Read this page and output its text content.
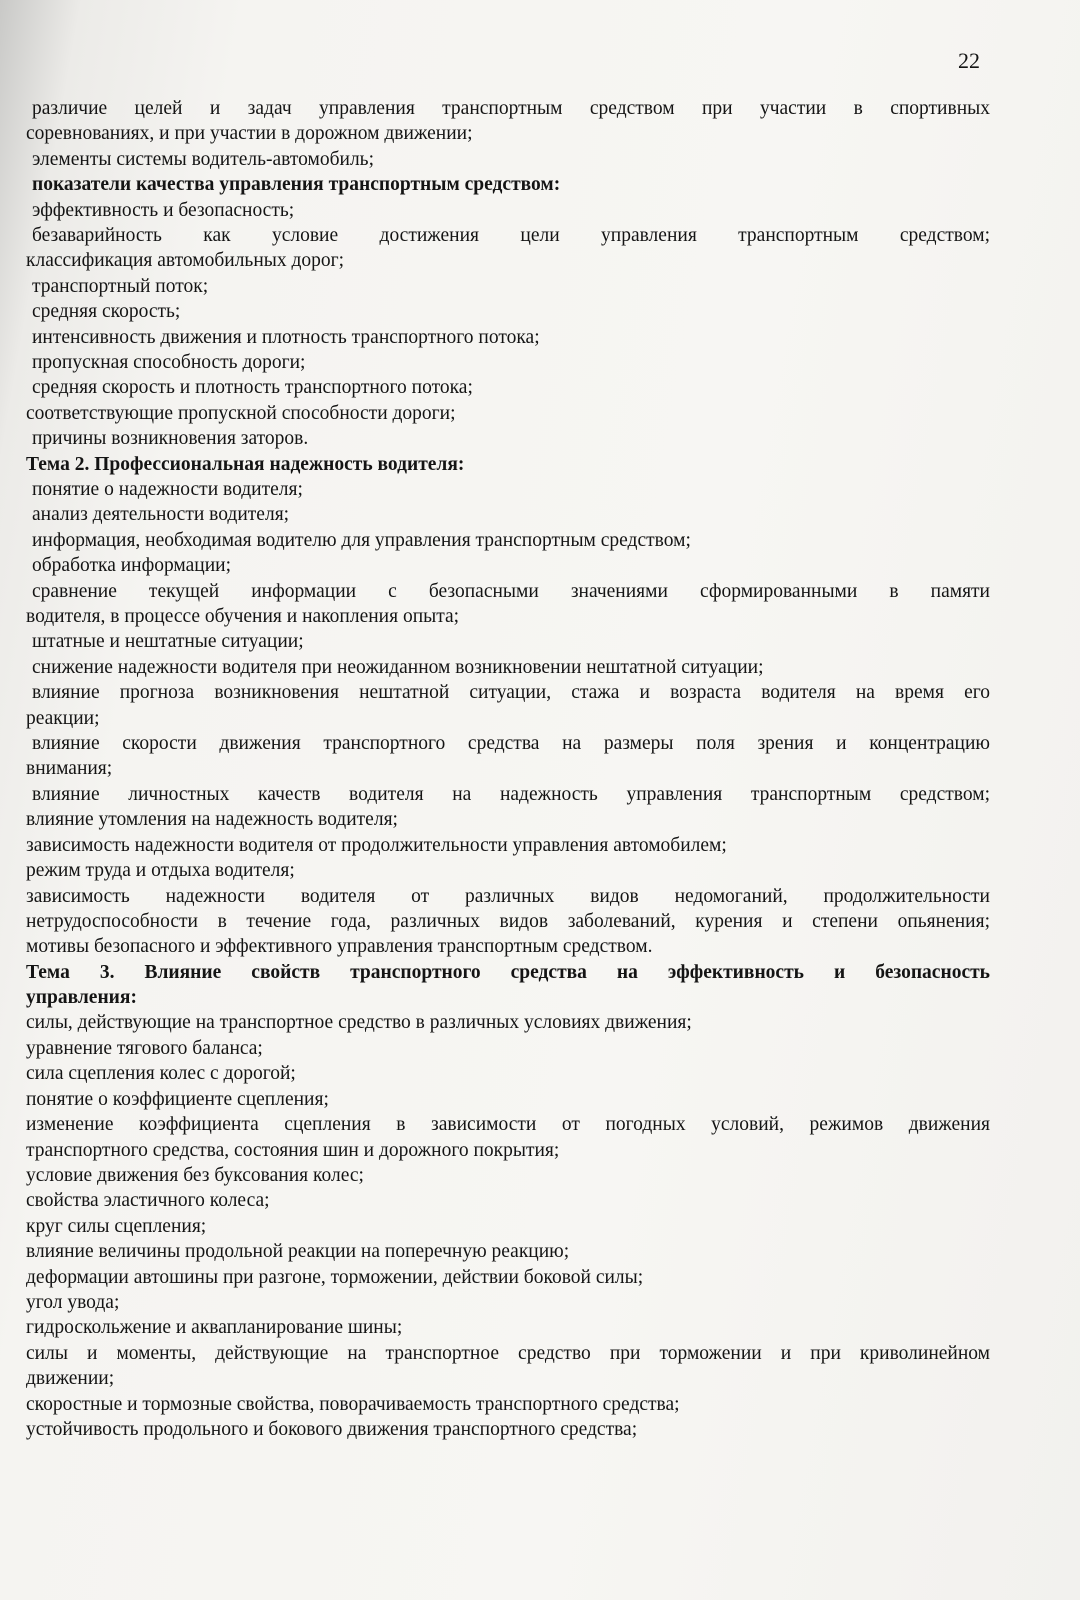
22
различие целей и задач управления транспортным средством при участии в спортивных
соревнованиях, и при участии в дорожном движении;
элементы системы водитель-автомобиль;
показатели качества управления транспортным средством:
эффективность и безопасность;
безаварийность как условие достижения цели управления транспортным средством;
классификация автомобильных дорог;
транспортный поток;
средняя скорость;
интенсивность движения и плотность транспортного потока;
пропускная способность дороги;
средняя скорость и плотность транспортного потока;
соответствующие пропускной способности дороги;
причины возникновения заторов.
Тема 2. Профессиональная надежность водителя:
понятие о надежности водителя;
анализ деятельности водителя;
информация, необходимая водителю для управления транспортным средством;
обработка информации;
сравнение текущей информации с безопасными значениями сформированными в памяти
водителя, в процессе обучения и накопления опыта;
штатные и нештатные ситуации;
снижение надежности водителя при неожиданном возникновении нештатной ситуации;
влияние прогноза возникновения нештатной ситуации, стажа и возраста водителя на время его
реакции;
влияние скорости движения транспортного средства на размеры поля зрения и концентрацию
внимания;
влияние личностных качеств водителя на надежность управления транспортным средством;
влияние утомления на надежность водителя;
зависимость надежности водителя от продолжительности управления автомобилем;
режим труда и отдыха водителя;
зависимость надежности водителя от различных видов недомоганий, продолжительности
нетрудоспособности в течение года, различных видов заболеваний, курения и степени опьянения;
мотивы безопасного и эффективного управления транспортным средством.
Тема 3. Влияние свойств транспортного средства на эффективность и безопасность
управления:
силы, действующие на транспортное средство в различных условиях движения;
уравнение тягового баланса;
сила сцепления колес с дорогой;
понятие о коэффициенте сцепления;
изменение коэффициента сцепления в зависимости от погодных условий, режимов движения
транспортного средства, состояния шин и дорожного покрытия;
условие движения без буксования колес;
свойства эластичного колеса;
круг силы сцепления;
влияние величины продольной реакции на поперечную реакцию;
деформации автошины при разгоне, торможении, действии боковой силы;
угол увода;
гидроскольжение и аквапланирование шины;
силы и моменты, действующие на транспортное средство при торможении и при криволинейном
движении;
скоростные и тормозные свойства, поворачиваемость транспортного средства;
устойчивость продольного и бокового движения транспортного средства;
